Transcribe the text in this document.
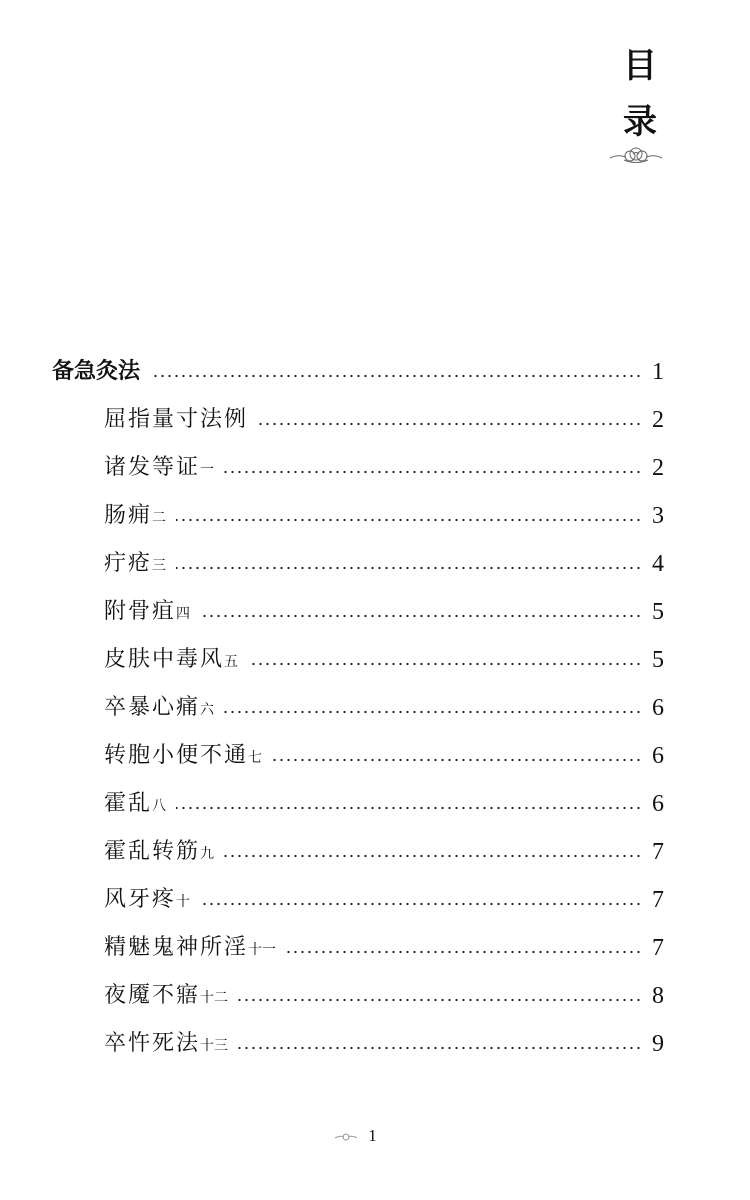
目
录
备急灸法	1
屈指量寸法例	2
诸发等证一	2
肠痈二	3
疔疮三	4
附骨疽四	5
皮肤中毒风五	5
卒暴心痛六	6
转胞小便不通七	6
霍乱八	6
霍乱转筋九	7
风牙疼十	7
精魅鬼神所淫十一	7
夜魇不寤十二	8
卒忤死法十三	9
1
